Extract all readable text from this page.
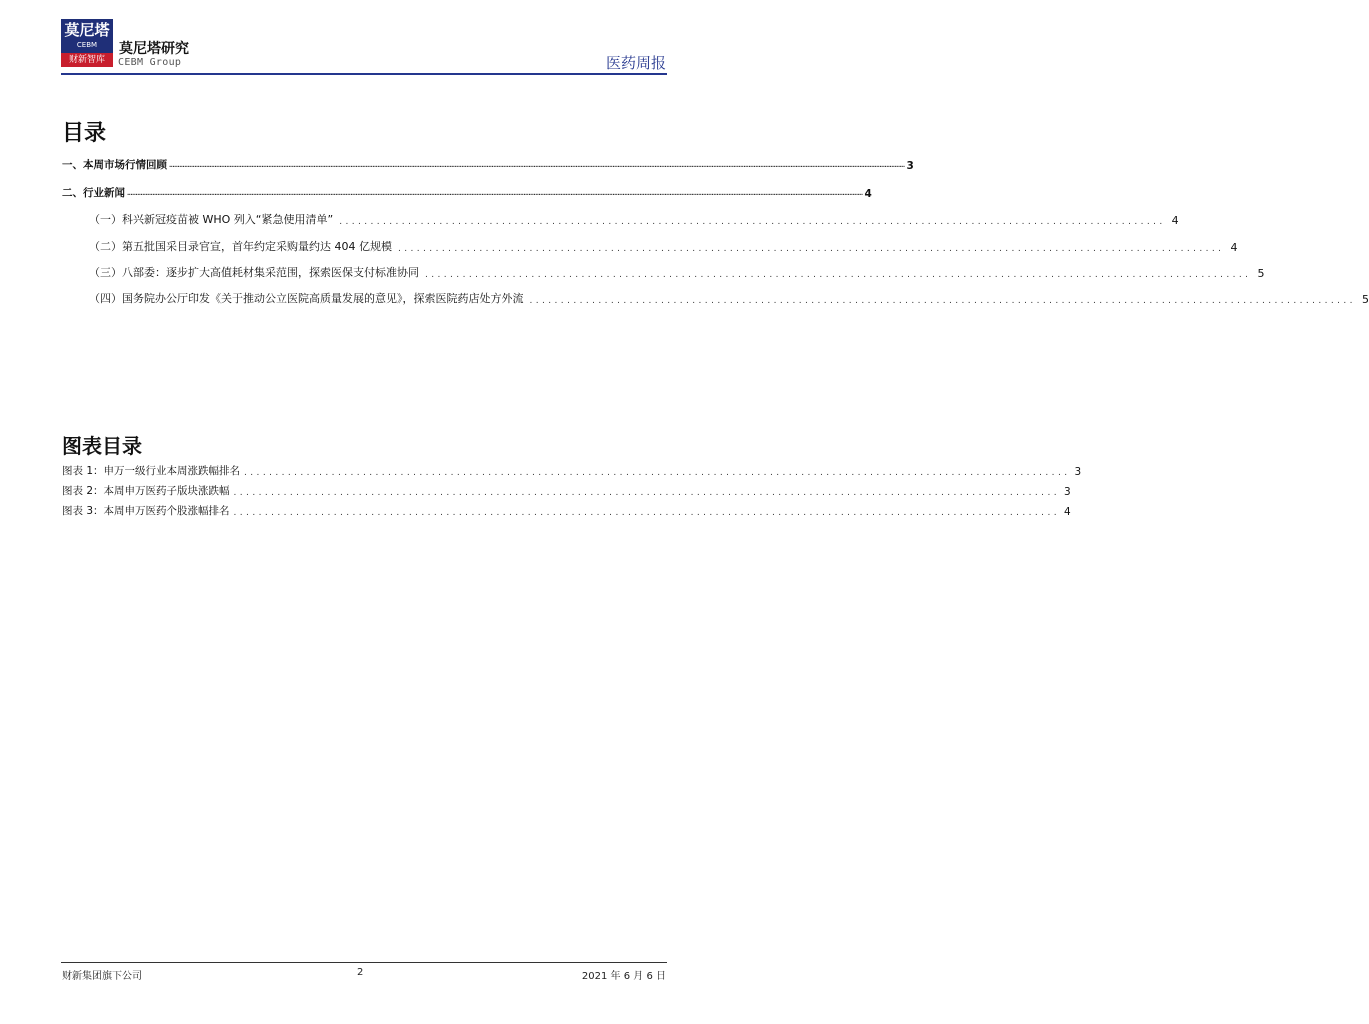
莫尼塔
CEBM
财新智库
莫尼塔研究
CEBM Group	医药周报
目录
一、本周市场行情回顾 ...................................................................................................................................................................................................................................................................................................................................................................................................................................................... 3
二、行业新闻 ...................................................................................................................................................................................................................................................................................................................................................................................................................................................... 4
（一）科兴新冠疫苗被 WHO 列入“紧急使用清单” .................................................................................................................................... 4
（二）第五批国采目录官宣，首年约定采购量约达 404 亿规模 .................................................................................................................................... 4
（三）八部委：逐步扩大高值耗材集采范围，探索医保支付标准协同 .................................................................................................................................... 5
（四）国务院办公厅印发《关于推动公立医院高质量发展的意见》，探索医院药店处方外流 .................................................................................................................................... 5
图表目录
图表 1：申万一级行业本周涨跌幅排名 .................................................................................................................................... 3
图表 2：本周申万医药子版块涨跌幅 .................................................................................................................................... 3
图表 3：本周申万医药个股涨幅排名 .................................................................................................................................... 4
财新集团旗下公司	2	2021 年 6 月 6 日
